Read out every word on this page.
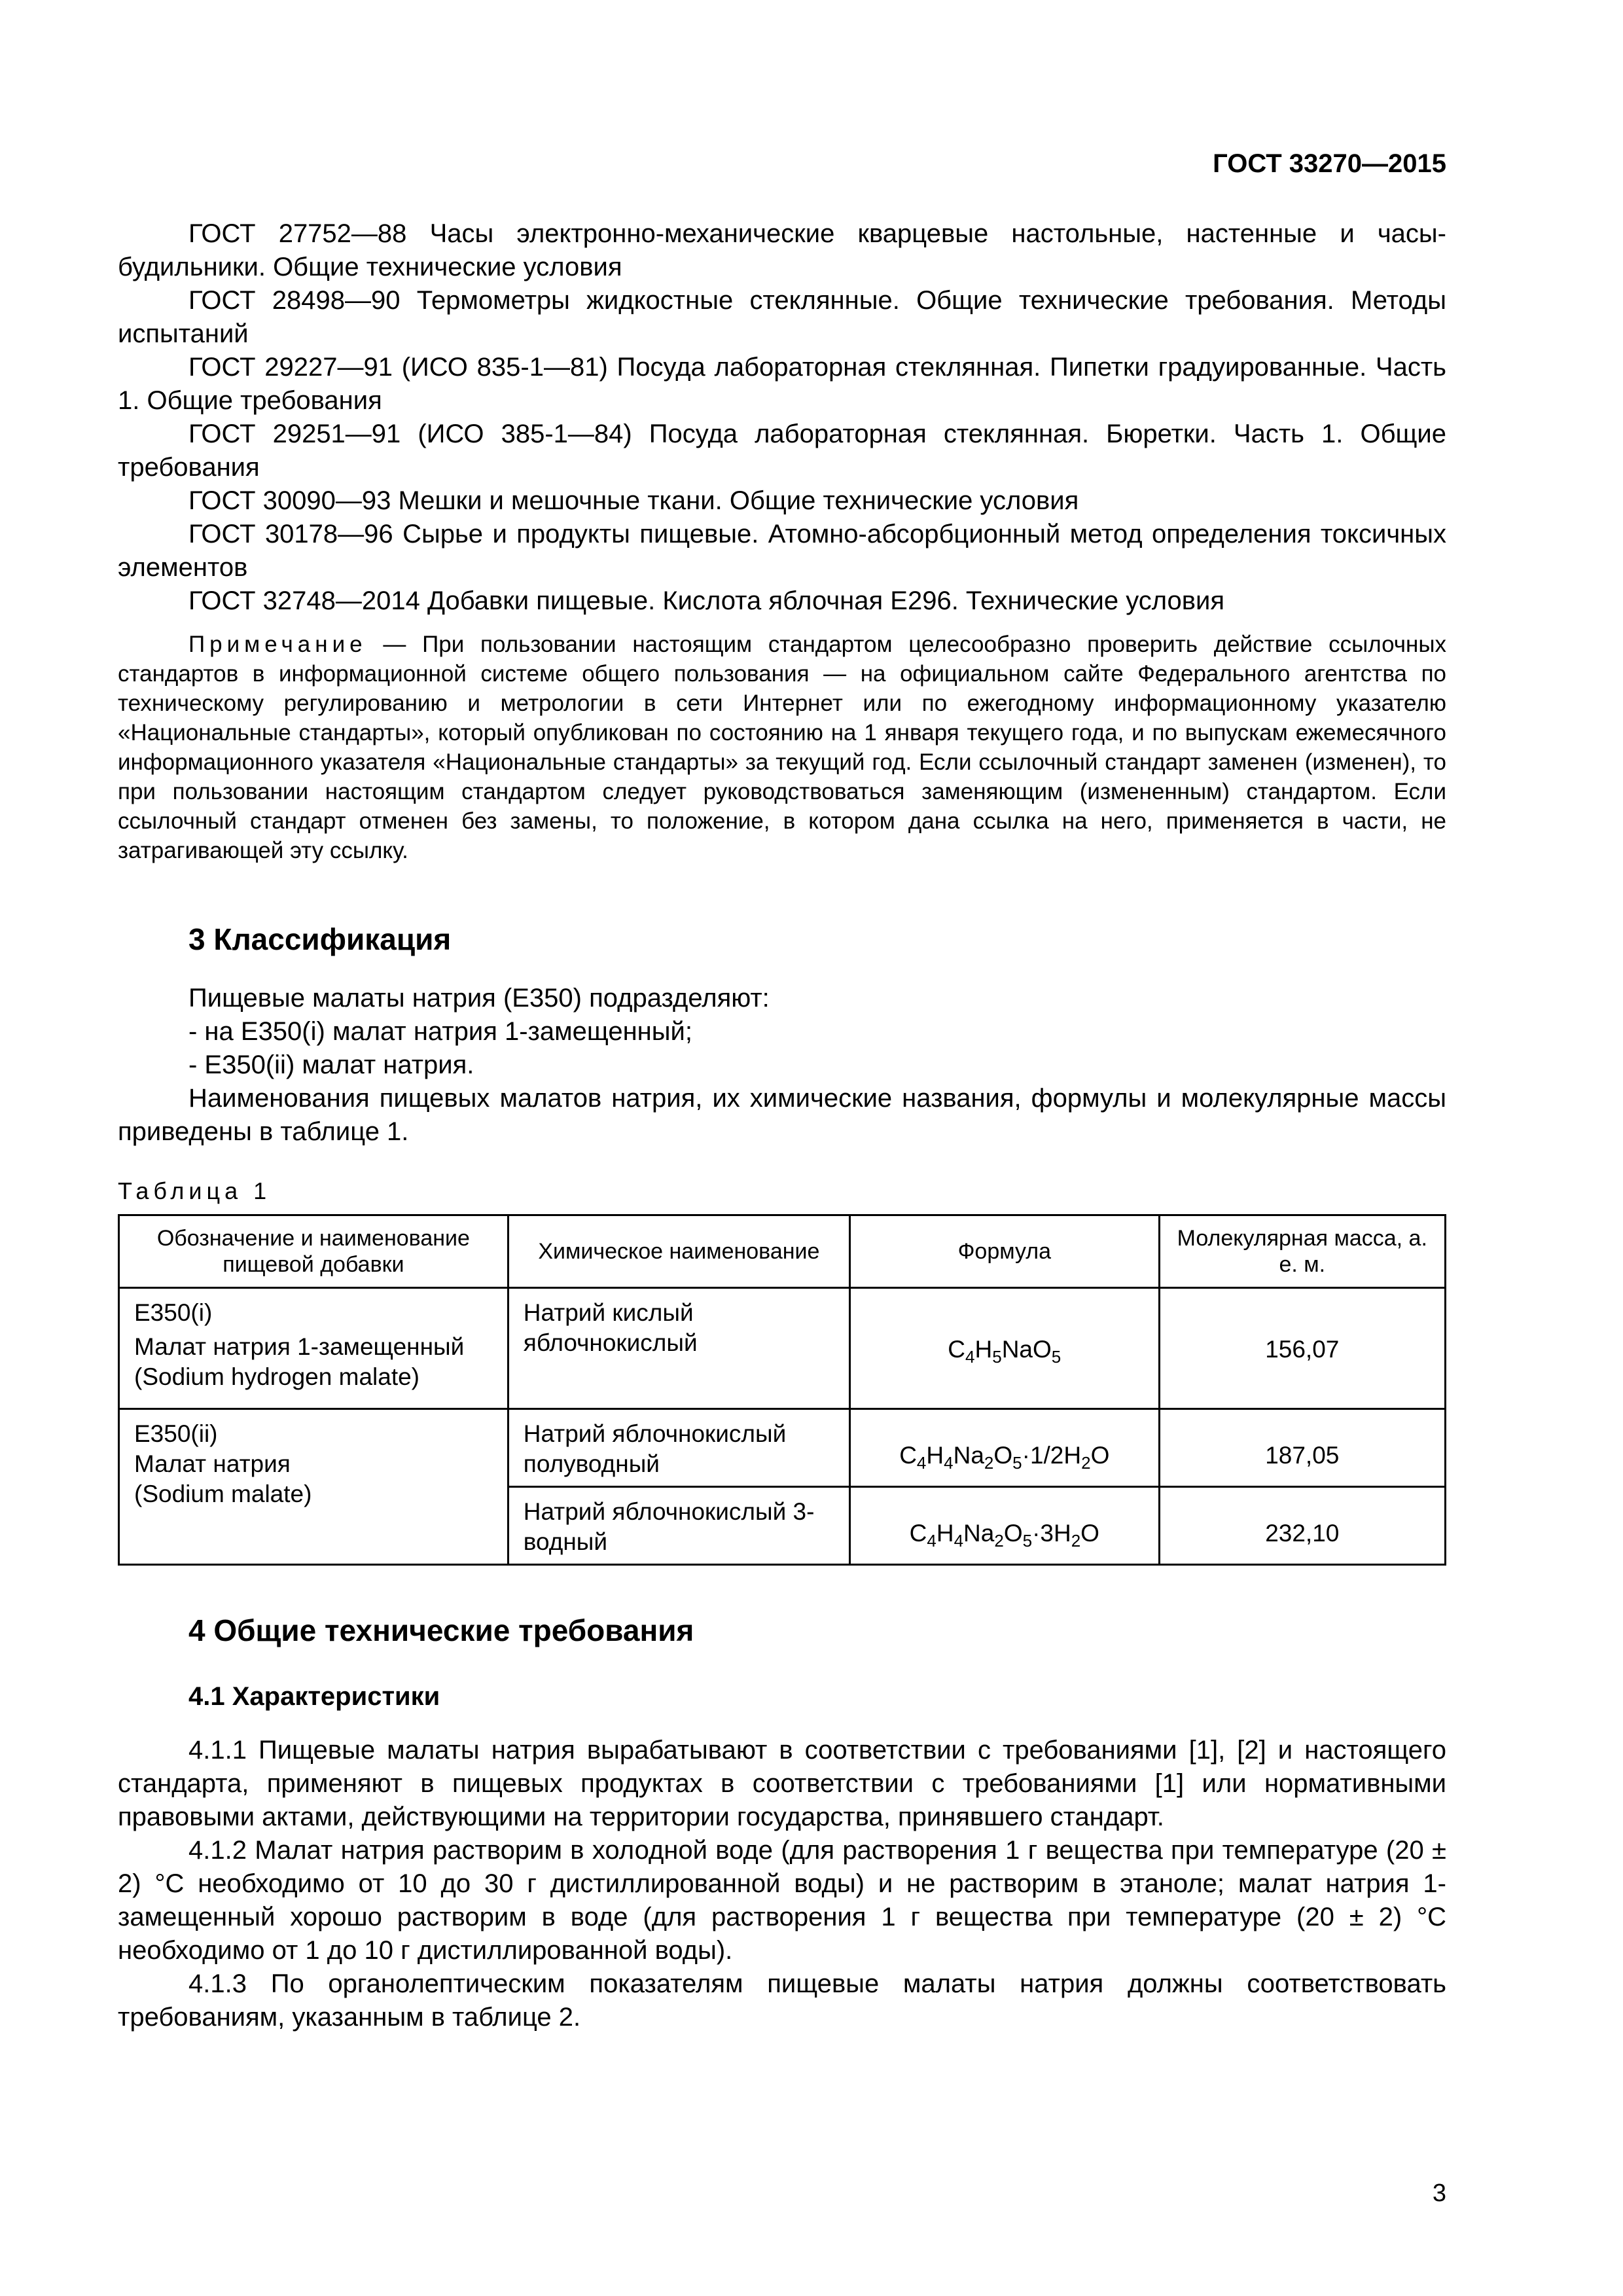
ГОСТ 33270—2015

ГОСТ 27752—88 Часы электронно-механические кварцевые настольные, настенные и часы-будильники. Общие технические условия

ГОСТ 28498—90 Термометры жидкостные стеклянные. Общие технические требования. Методы испытаний

ГОСТ 29227—91 (ИСО 835-1—81) Посуда лабораторная стеклянная. Пипетки градуированные. Часть 1. Общие требования

ГОСТ 29251—91 (ИСО 385-1—84) Посуда лабораторная стеклянная. Бюретки. Часть 1. Общие требования

ГОСТ 30090—93 Мешки и мешочные ткани. Общие технические условия

ГОСТ 30178—96 Сырье и продукты пищевые. Атомно-абсорбционный метод определения токсичных элементов

ГОСТ 32748—2014 Добавки пищевые. Кислота яблочная Е296. Технические условия

Примечание — При пользовании настоящим стандартом целесообразно проверить действие ссылочных стандартов в информационной системе общего пользования — на официальном сайте Федерального агентства по техническому регулированию и метрологии в сети Интернет или по ежегодному информационному указателю «Национальные стандарты», который опубликован по состоянию на 1 января текущего года, и по выпускам ежемесячного информационного указателя «Национальные стандарты» за текущий год. Если ссылочный стандарт заменен (изменен), то при пользовании настоящим стандартом следует руководствоваться заменяющим (измененным) стандартом. Если ссылочный стандарт отменен без замены, то положение, в котором дана ссылка на него, применяется в части, не затрагивающей эту ссылку.

3 Классификация

Пищевые малаты натрия (Е350) подразделяют:

- на Е350(i) малат натрия 1-замещенный;

- Е350(ii) малат натрия.

Наименования пищевых малатов натрия, их химические названия, формулы и молекулярные массы приведены в таблице 1.

Таблица 1

Обозначение и наименование пищевой добавки	Химическое наименование	Формула	Молекулярная масса, а. е. м.

Е350(i)
Малат натрия 1-замещенный
(Sodium hydrogen malate)	Натрий кислый яблочнокислый	$C_4H_5NaO_5$	156,07

Е350(ii)
Малат натрия
(Sodium malate)	Натрий яблочнокислый полуводный	$C_4H_4Na_2O_5\cdot 1/2H_2O$	187,05
	Натрий яблочнокислый 3-водный	$C_4H_4Na_2O_5\cdot 3H_2O$	232,10
4 Общие технические требования
4.1 Характеристики

4.1.1 Пищевые малаты натрия вырабатывают в соответствии с требованиями [1], [2] и настоящего стандарта, применяют в пищевых продуктах в соответствии с требованиями [1] или нормативными правовыми актами, действующими на территории государства, принявшего стандарт.

4.1.2 Малат натрия растворим в холодной воде (для растворения 1 г вещества при температуре (20 ± 2) °С необходимо от 10 до 30 г дистиллированной воды) и не растворим в этаноле; малат натрия 1-замещенный хорошо растворим в воде (для растворения 1 г вещества при температуре (20 ± 2) °С необходимо от 1 до 10 г дистиллированной воды).

4.1.3 По органолептическим показателям пищевые малаты натрия должны соответствовать требованиям, указанным в таблице 2.

3
